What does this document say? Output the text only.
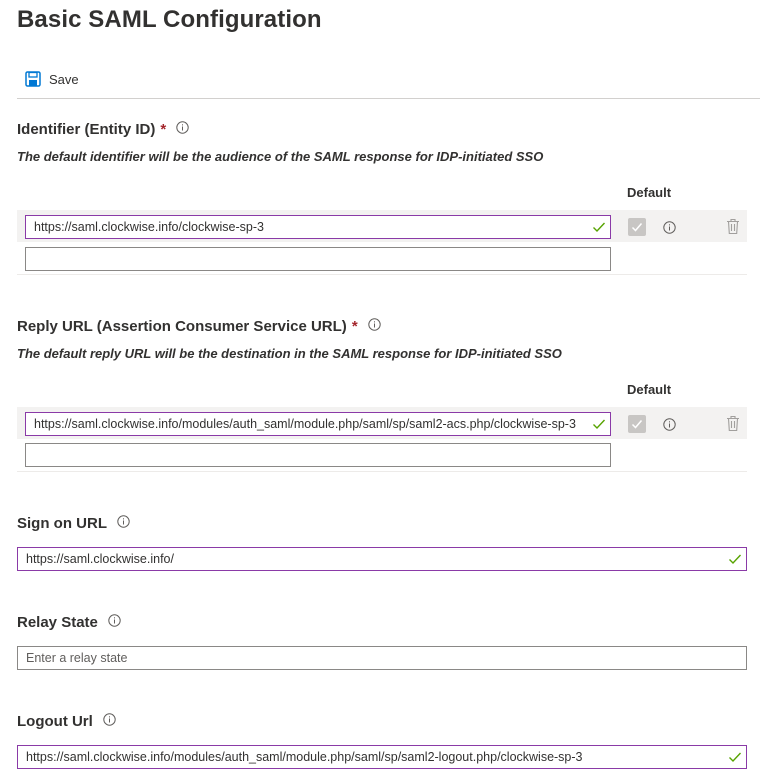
Basic SAML Configuration
Save
Identifier (Entity ID) *
The default identifier will be the audience of the SAML response for IDP-initiated SSO
Default
https://saml.clockwise.info/clockwise-sp-3
Reply URL (Assertion Consumer Service URL) *
The default reply URL will be the destination in the SAML response for IDP-initiated SSO
Default
https://saml.clockwise.info/modules/auth_saml/module.php/saml/sp/saml2-acs.php/clockwise-sp-3
Sign on URL
https://saml.clockwise.info/
Relay State
Enter a relay state
Logout Url
https://saml.clockwise.info/modules/auth_saml/module.php/saml/sp/saml2-logout.php/clockwise-sp-3
